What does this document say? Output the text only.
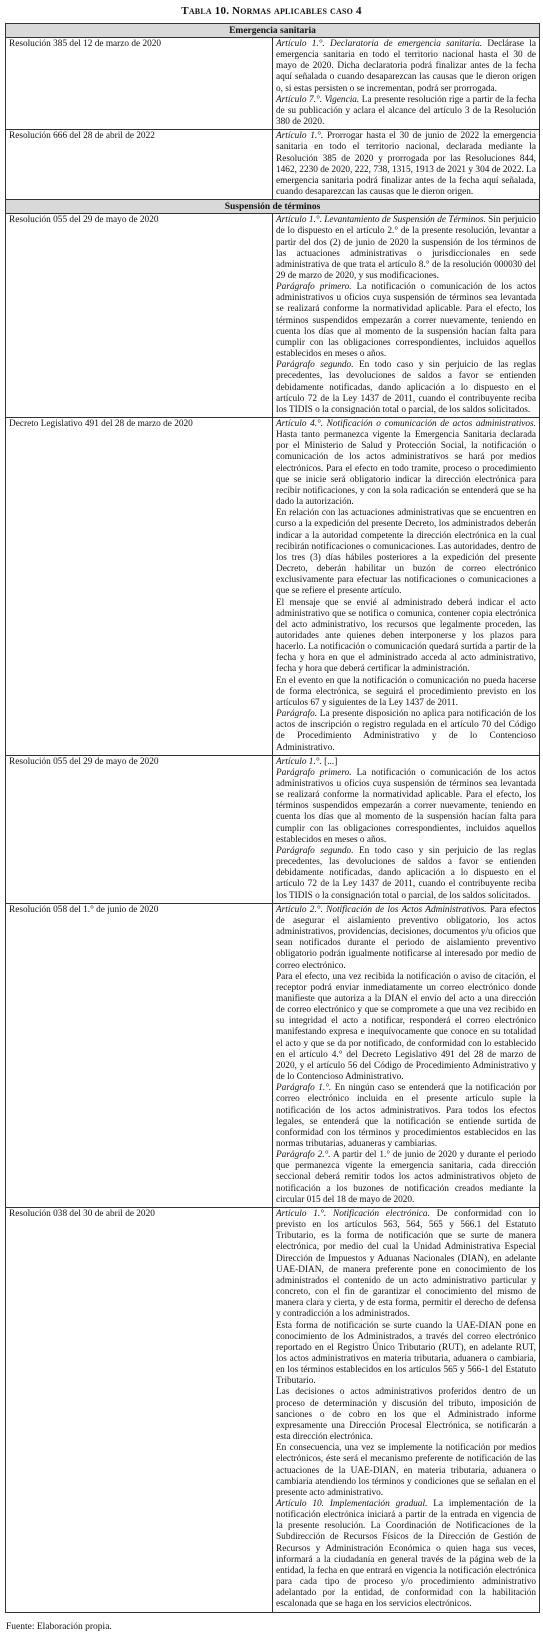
Tabla 10. Normas aplicables caso 4
Emergencia sanitaria	
Resolución 385 del 12 de marzo de 2020	Artículo 1.°. Declaratoria de emergencia sanitaria. Declárase la emergencia sanitaria en todo el territorio nacional hasta el 30 de mayo de 2020. Dicha declaratoria podrá finalizar antes de la fecha aquí señalada o cuando desaparezcan las causas que le dieron origen o, si estas persisten o se incrementan, podrá ser prorrogada.

Artículo 7.°. Vigencia. La presente resolución rige a partir de la fecha de su publicación y aclara el alcance del artículo 3 de la Resolución 380 de 2020.

Resolución 666 del 28 de abril de 2022	Artículo 1.°. Prorrogar hasta el 30 de junio de 2022 la emergencia sanitaria en todo el territorio nacional, declarada mediante la Resolución 385 de 2020 y prorrogada por las Resoluciones 844, 1462, 2230 de 2020, 222, 738, 1315, 1913 de 2021 y 304 de 2022. La emergencia sanitaria podrá finalizar antes de la fecha aquí señalada, cuando desaparezcan las causas que le dieron origen.

Suspensión de términos	
Resolución 055 del 29 de mayo de 2020	Artículo 1.°. Levantamiento de Suspensión de Términos. Sin perjuicio de lo dispuesto en el artículo 2.° de la presente resolución, levantar a partir del dos (2) de junio de 2020 la suspensión de los términos de las actuaciones administrativas o jurisdiccionales en sede administrativa de que trata el artículo 8.° de la resolución 000030 del 29 de marzo de 2020, y sus modificaciones.

Parágrafo primero. La notificación o comunicación de los actos administrativos u oficios cuya suspensión de términos sea levantada se realizará conforme la normatividad aplicable. Para el efecto, los términos suspendidos empezarán a correr nuevamente, teniendo en cuenta los días que al momento de la suspensión hacían falta para cumplir con las obligaciones correspondientes, incluidos aquellos establecidos en meses o años.

Parágrafo segundo. En todo caso y sin perjuicio de las reglas precedentes, las devoluciones de saldos a favor se entienden debidamente notificadas, dando aplicación a lo dispuesto en el artículo 72 de la Ley 1437 de 2011, cuando el contribuyente reciba los TIDIS o la consignación total o parcial, de los saldos solicitados.

Decreto Legislativo 491 del 28 de marzo de 2020	Artículo 4.°. Notificación o comunicación de actos administrativos. Hasta tanto permanezca vigente la Emergencia Sanitaria declarada por el Ministerio de Salud y Protección Social, la notificación o comunicación de los actos administrativos se hará por medios electrónicos. Para el efecto en todo tramite, proceso o procedimiento que se inicie será obligatorio indicar la dirección electrónica para recibir notificaciones, y con la sola radicación se entenderá que se ha dado la autorización.

En relación con las actuaciones administrativas que se encuentren en curso a la expedición del presente Decreto, los administrados deberán indicar a la autoridad competente la dirección electrónica en la cual recibirán notificaciones o comunicaciones. Las autoridades, dentro de los tres (3) días hábiles posteriores a la expedición del presente Decreto, deberán habilitar un buzón de correo electrónico exclusivamente para efectuar las notificaciones o comunicaciones a que se refiere el presente artículo.

El mensaje que se envié al administrado deberá indicar el acto administrativo que se notifica o comunica, contener copia electrónica del acto administrativo, los recursos que legalmente proceden, las autoridades ante quienes deben interponerse y los plazos para hacerlo. La notificación o comunicación quedará surtida a partir de la fecha y hora en que el administrado acceda al acto administrativo, fecha y hora que deberá certificar la administración.

En el evento en que la notificación o comunicación no pueda hacerse de forma electrónica, se seguirá el procedimiento previsto en los artículos 67 y siguientes de la Ley 1437 de 2011.

Parágrafo. La presente disposición no aplica para notificación de los actos de inscripción o registro regulada en el artículo 70 del Código de Procedimiento Administrativo y de lo Contencioso Administrativo.

Resolución 055 del 29 de mayo de 2020	Artículo 1.°. [...]

Parágrafo primero. La notificación o comunicación de los actos administrativos u oficios cuya suspensión de términos sea levantada se realizará conforme la normatividad aplicable. Para el efecto, los términos suspendidos empezarán a correr nuevamente, teniendo en cuenta los días que al momento de la suspensión hacían falta para cumplir con las obligaciones correspondientes, incluidos aquellos establecidos en meses o años.

Parágrafo segundo. En todo caso y sin perjuicio de las reglas precedentes, las devoluciones de saldos a favor se entienden debidamente notificadas, dando aplicación a lo dispuesto en el artículo 72 de la Ley 1437 de 2011, cuando el contribuyente reciba los TIDIS o la consignación total o parcial, de los saldos solicitados.

Resolución 058 del 1.° de junio de 2020	Artículo 2.°. Notificación de los Actos Administrativos. Para efectos de asegurar el aislamiento preventivo obligatorio, los actos administrativos, providencias, decisiones, documentos y/u oficios que sean notificados durante el periodo de aislamiento preventivo obligatorio podrán igualmente notificarse al interesado por medio de correo electrónico.

Para el efecto, una vez recibida la notificación o aviso de citación, el receptor podrá enviar inmediatamente un correo electrónico donde manifieste que autoriza a la DIAN el envío del acto a una dirección de correo electrónico y que se compromete a que una vez recibido en su integridad el acto a notificar, responderá el correo electrónico manifestando expresa e inequívocamente que conoce en su totalidad el acto y que se da por notificado, de conformidad con lo establecido en el artículo 4.° del Decreto Legislativo 491 del 28 de marzo de 2020, y el artículo 56 del Código de Procedimiento Administrativo y de lo Contencioso Administrativo.

Parágrafo 1.°. En ningún caso se entenderá que la notificación por correo electrónico incluida en el presente artículo suple la notificación de los actos administrativos. Para todos los efectos legales, se entenderá que la notificación se entiende surtida de conformidad con los términos y procedimientos establecidos en las normas tributarias, aduaneras y cambiarias.

Parágrafo 2.°. A partir del 1.° de junio de 2020 y durante el periodo que permanezca vigente la emergencia sanitaria, cada dirección seccional deberá remitir todos los actos administrativos objeto de notificación a los buzones de notificación creados mediante la circular 015 del 18 de mayo de 2020.

Resolución 038 del 30 de abril de 2020	Artículo 1.°. Notificación electrónica. De conformidad con lo previsto en los artículos 563, 564, 565 y 566.1 del Estatuto Tributario, es la forma de notificación que se surte de manera electrónica, por medio del cual la Unidad Administrativa Especial Dirección de Impuestos y Aduanas Nacionales (DIAN), en adelante UAE-DIAN, de manera preferente pone en conocimiento de los administrados el contenido de un acto administrativo particular y concreto, con el fin de garantizar el conocimiento del mismo de manera clara y cierta, y de esta forma, permitir el derecho de defensa y contradicción a los administrados.

Esta forma de notificación se surte cuando la UAE-DIAN pone en conocimiento de los Administrados, a través del correo electrónico reportado en el Registro Único Tributario (RUT), en adelante RUT, los actos administrativos en materia tributaria, aduanera o cambiaria, en los términos establecidos en los artículos 565 y 566-1 del Estatuto Tributario.

Las decisiones o actos administrativos proferidos dentro de un proceso de determinación y discusión del tributo, imposición de sanciones o de cobro en los que el Administrado informe expresamente una Dirección Procesal Electrónica, se notificarán a esta dirección electrónica.

En consecuencia, una vez se implemente la notificación por medios electrónicos, éste será el mecanismo preferente de notificación de las actuaciones de la UAE-DIAN, en materia tributaria, aduanera o cambiaria atendiendo los términos y condiciones que se señalan en el presente acto administrativo.

Artículo 10. Implementación gradual. La implementación de la notificación electrónica iniciará a partir de la entrada en vigencia de la presente resolución. La Coordinación de Notificaciones de la Subdirección de Recursos Físicos de la Dirección de Gestión de Recursos y Administración Económica o quien haga sus veces, informará a la ciudadanía en general través de la página web de la entidad, la fecha en que entrará en vigencia la notificación electrónica para cada tipo de proceso y/o procedimiento administrativo adelantado por la entidad, de conformidad con la habilitación escalonada que se haga en los servicios electrónicos.

Fuente: Elaboración propia.
